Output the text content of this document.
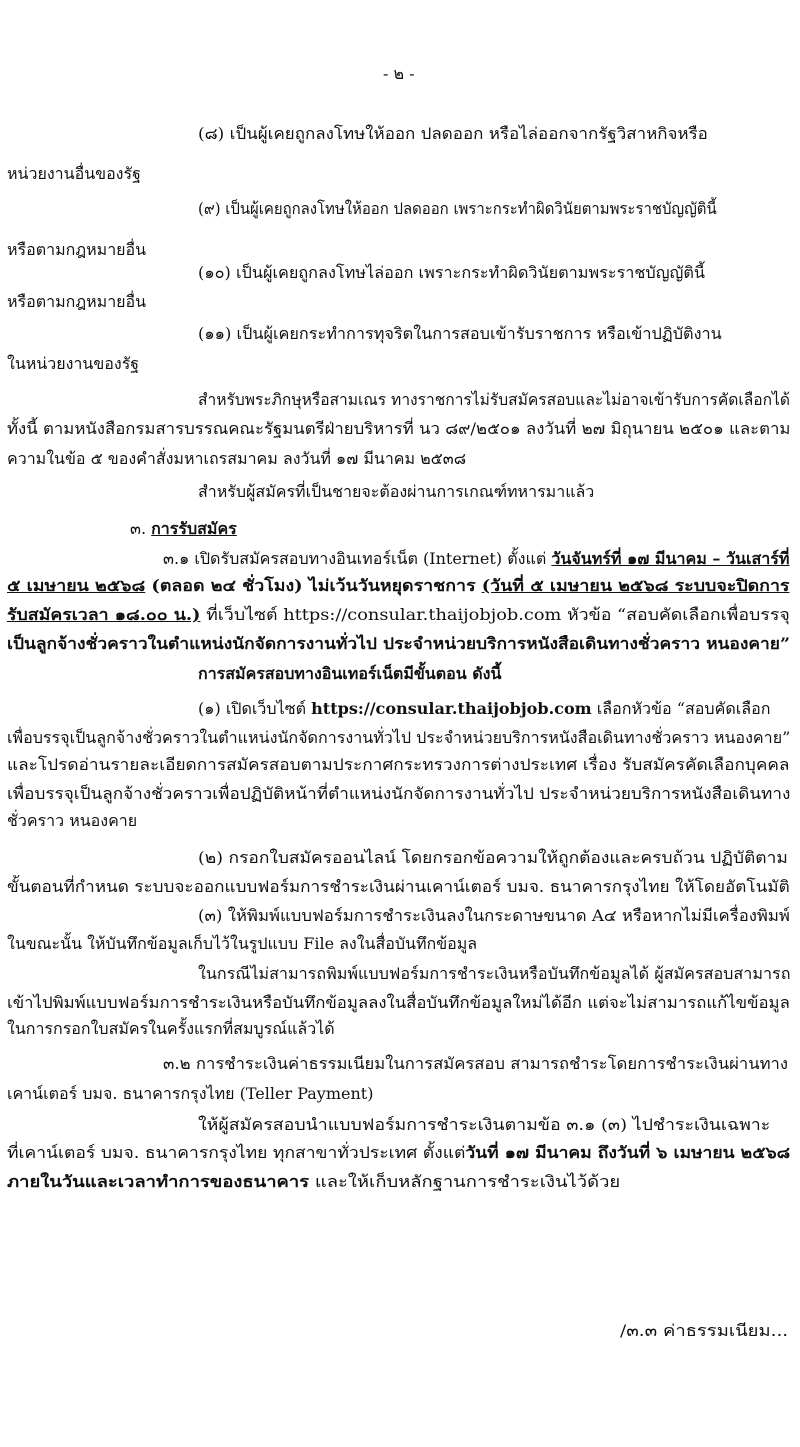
- ๒ -
(๘) เป็นผู้เคยถูกลงโทษให้ออก ปลดออก หรือไล่ออกจากรัฐวิสาหกิจหรือ
หน่วยงานอื่นของรัฐ
(๙) เป็นผู้เคยถูกลงโทษให้ออก ปลดออก เพราะกระทำผิดวินัยตามพระราชบัญญัตินี้
หรือตามกฎหมายอื่น
(๑๐) เป็นผู้เคยถูกลงโทษไล่ออก เพราะกระทำผิดวินัยตามพระราชบัญญัตินี้
หรือตามกฎหมายอื่น
(๑๑) เป็นผู้เคยกระทำการทุจริตในการสอบเข้ารับราชการ หรือเข้าปฏิบัติงาน
ในหน่วยงานของรัฐ
สำหรับพระภิกษุหรือสามเณร ทางราชการไม่รับสมัครสอบและไม่อาจเข้ารับการคัดเลือกได้
ทั้งนี้ ตามหนังสือกรมสารบรรณคณะรัฐมนตรีฝ่ายบริหารที่ นว ๘๙/๒๕๐๑ ลงวันที่ ๒๗ มิถุนายน ๒๕๐๑ และตาม
ความในข้อ ๕ ของคำสั่งมหาเถรสมาคม ลงวันที่ ๑๗ มีนาคม ๒๕๓๘
สำหรับผู้สมัครที่เป็นชายจะต้องผ่านการเกณฑ์ทหารมาแล้ว
๓. การรับสมัคร
๓.๑ เปิดรับสมัครสอบทางอินเทอร์เน็ต (Internet) ตั้งแต่ วันจันทร์ที่ ๑๗ มีนาคม – วันเสาร์ที่
๕ เมษายน ๒๕๖๘ (ตลอด ๒๔ ชั่วโมง) ไม่เว้นวันหยุดราชการ (วันที่ ๕ เมษายน ๒๕๖๘ ระบบจะปิดการ
รับสมัครเวลา ๑๘.๐๐ น.) ที่เว็บไซต์ https://consular.thaijobjob.com หัวข้อ “สอบคัดเลือกเพื่อบรรจุ
เป็นลูกจ้างชั่วคราวในตำแหน่งนักจัดการงานทั่วไป ประจำหน่วยบริการหนังสือเดินทางชั่วคราว หนองคาย”
การสมัครสอบทางอินเทอร์เน็ตมีขั้นตอน ดังนี้
(๑) เปิดเว็บไซต์ https://consular.thaijobjob.com เลือกหัวข้อ “สอบคัดเลือก
เพื่อบรรจุเป็นลูกจ้างชั่วคราวในตำแหน่งนักจัดการงานทั่วไป ประจำหน่วยบริการหนังสือเดินทางชั่วคราว หนองคาย”
และโปรดอ่านรายละเอียดการสมัครสอบตามประกาศกระทรวงการต่างประเทศ เรื่อง รับสมัครคัดเลือกบุคคล
เพื่อบรรจุเป็นลูกจ้างชั่วคราวเพื่อปฏิบัติหน้าที่ตำแหน่งนักจัดการงานทั่วไป ประจำหน่วยบริการหนังสือเดินทาง
ชั่วคราว หนองคาย
(๒) กรอกใบสมัครออนไลน์ โดยกรอกข้อความให้ถูกต้องและครบถ้วน ปฏิบัติตาม
ขั้นตอนที่กำหนด ระบบจะออกแบบฟอร์มการชำระเงินผ่านเคาน์เตอร์ บมจ. ธนาคารกรุงไทย ให้โดยอัตโนมัติ
(๓) ให้พิมพ์แบบฟอร์มการชำระเงินลงในกระดาษขนาด A๔ หรือหากไม่มีเครื่องพิมพ์
ในขณะนั้น ให้บันทึกข้อมูลเก็บไว้ในรูปแบบ File ลงในสื่อบันทึกข้อมูล
ในกรณีไม่สามารถพิมพ์แบบฟอร์มการชำระเงินหรือบันทึกข้อมูลได้ ผู้สมัครสอบสามารถ
เข้าไปพิมพ์แบบฟอร์มการชำระเงินหรือบันทึกข้อมูลลงในสื่อบันทึกข้อมูลใหม่ได้อีก แต่จะไม่สามารถแก้ไขข้อมูล
ในการกรอกใบสมัครในครั้งแรกที่สมบูรณ์แล้วได้
๓.๒ การชำระเงินค่าธรรมเนียมในการสมัครสอบ สามารถชำระโดยการชำระเงินผ่านทาง
เคาน์เตอร์ บมจ. ธนาคารกรุงไทย (Teller Payment)
ให้ผู้สมัครสอบนำแบบฟอร์มการชำระเงินตามข้อ ๓.๑ (๓) ไปชำระเงินเฉพาะ
ที่เคาน์เตอร์ บมจ. ธนาคารกรุงไทย ทุกสาขาทั่วประเทศ ตั้งแต่วันที่ ๑๗ มีนาคม ถึงวันที่ ๖ เมษายน ๒๕๖๘
ภายในวันและเวลาทำการของธนาคาร และให้เก็บหลักฐานการชำระเงินไว้ด้วย
/๓.๓ ค่าธรรมเนียม...
